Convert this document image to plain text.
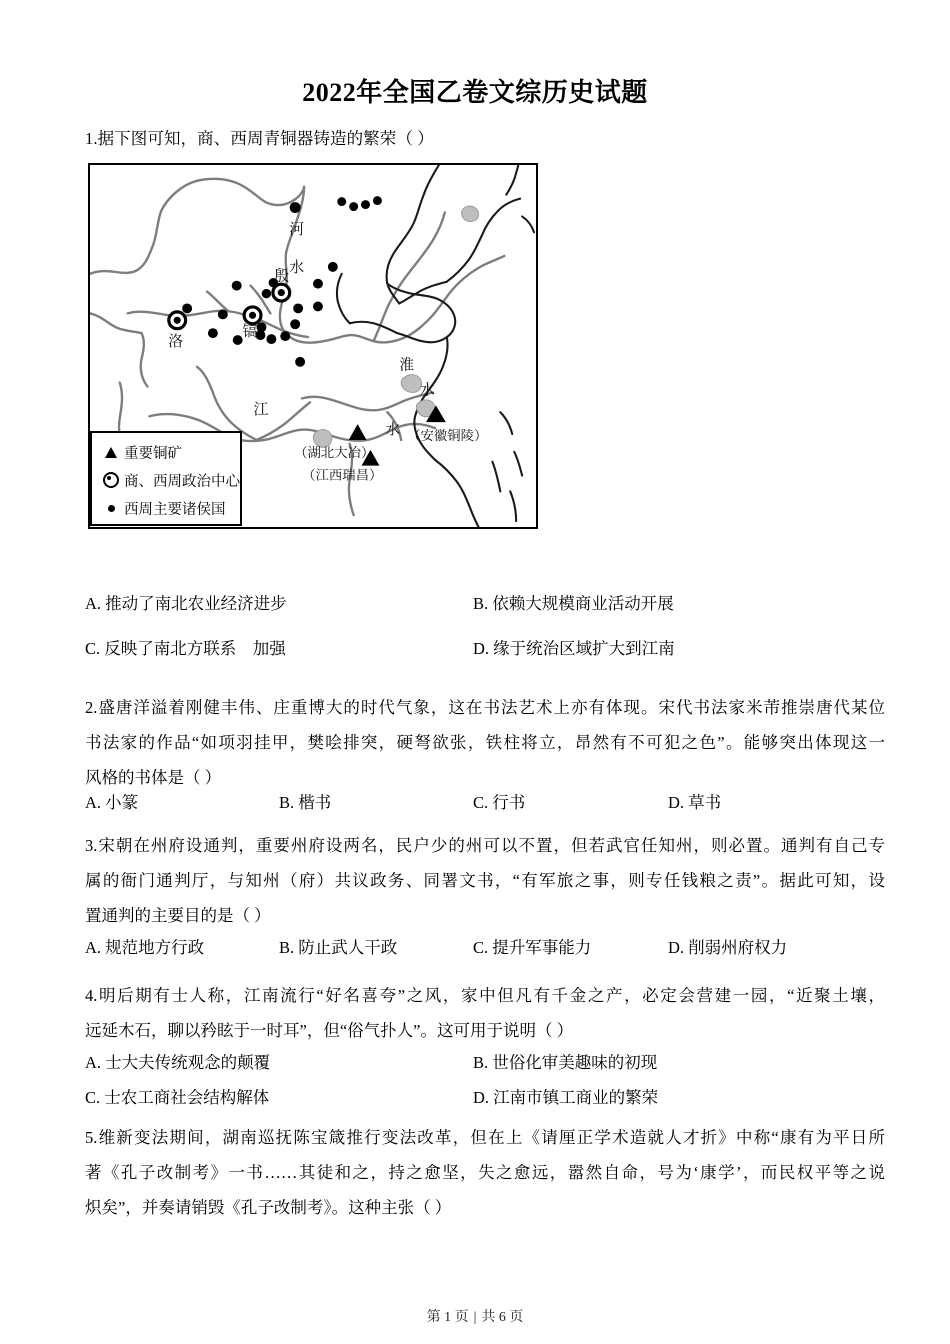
2022年全国乙卷文综历史试题
1.据下图可知，商、西周青铜器铸造的繁荣（ ）
河
水
殷
镐
洛
淮
水
江
水
（湖北大冶）
（江西瑞昌）
（安徽铜陵）
重要铜矿
商、西周政治中心
西周主要诸侯国
A. 推动了南北农业经济进步	B. 依赖大规模商业活动开展
C. 反映了南北方联系　加强	D. 缘于统治区域扩大到江南

2.盛唐洋溢着刚健丰伟、庄重博大的时代气象，这在书法艺术上亦有体现。宋代书法家米芾推崇唐代某位

书法家的作品“如项羽挂甲，樊哙排突，硬弩欲张，铁柱将立，昂然有不可犯之色”。能够突出体现这一

风格的书体是（ ）

A. 小篆	B. 楷书	C. 行书	D. 草书

3.宋朝在州府设通判，重要州府设两名，民户少的州可以不置，但若武官任知州，则必置。通判有自己专

属的衙门通判厅，与知州（府）共议政务、同署文书，“有军旅之事，则专任钱粮之责”。据此可知，设

置通判的主要目的是（ ）

A. 规范地方行政	B. 防止武人干政	C. 提升军事能力	D. 削弱州府权力

4.明后期有士人称，江南流行“好名喜夸”之风，家中但凡有千金之产，必定会营建一园，“近聚土壤，

远延木石，聊以矜眩于一时耳”，但“俗气扑人”。这可用于说明（ ）

A. 士大夫传统观念的颠覆	B. 世俗化审美趣味的初现
C. 士农工商社会结构解体	D. 江南市镇工商业的繁荣

5.维新变法期间，湖南巡抚陈宝箴推行变法改革，但在上《请厘正学术造就人才折》中称“康有为平日所

著《孔子改制考》一书……其徒和之，持之愈坚，失之愈远，嚣然自命，号为‘康学’，而民权平等之说

炽矣”，并奏请销毁《孔子改制考》。这种主张（ ）

第 1 页 | 共 6 页
